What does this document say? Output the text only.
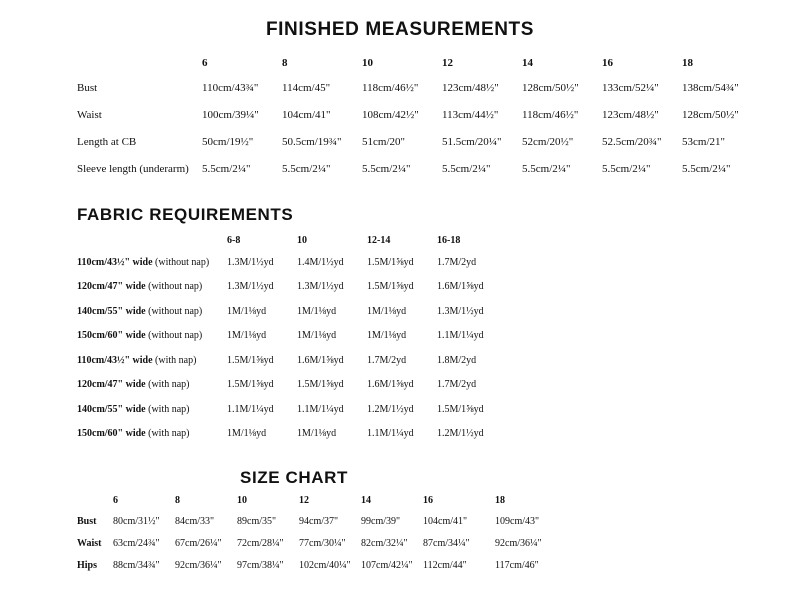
FINISHED MEASUREMENTS
	6	8	10	12	14	16	18
Bust	110cm/43¾"	114cm/45"	118cm/46½"	123cm/48½"	128cm/50½"	133cm/52¼"	138cm/54¾"
Waist	100cm/39¼"	104cm/41"	108cm/42½"	113cm/44½"	118cm/46½"	123cm/48½"	128cm/50½"
Length at CB	50cm/19½"	50.5cm/19¾"	51cm/20"	51.5cm/20¼"	52cm/20½"	52.5cm/20¾"	53cm/21"
Sleeve length (underarm)	5.5cm/2¼"	5.5cm/2¼"	5.5cm/2¼"	5.5cm/2¼"	5.5cm/2¼"	5.5cm/2¼"	5.5cm/2¼"
FABRIC REQUIREMENTS
	6-8	10	12-14	16-18
110cm/43½" wide (without nap)	1.3M/1½yd	1.4M/1½yd	1.5M/1⅝yd	1.7M/2yd
120cm/47" wide (without nap)	1.3M/1½yd	1.3M/1½yd	1.5M/1⅝yd	1.6M/1⅝yd
140cm/55" wide (without nap)	1M/1⅛yd	1M/1⅛yd	1M/1⅛yd	1.3M/1½yd
150cm/60" wide (without nap)	1M/1⅛yd	1M/1⅛yd	1M/1⅛yd	1.1M/1¼yd
110cm/43½" wide (with nap)	1.5M/1⅝yd	1.6M/1⅝yd	1.7M/2yd	1.8M/2yd
120cm/47" wide (with nap)	1.5M/1⅝yd	1.5M/1⅝yd	1.6M/1⅝yd	1.7M/2yd
140cm/55" wide (with nap)	1.1M/1¼yd	1.1M/1¼yd	1.2M/1½yd	1.5M/1⅝yd
150cm/60" wide (with nap)	1M/1⅛yd	1M/1⅛yd	1.1M/1¼yd	1.2M/1½yd
SIZE CHART
	6	8	10	12	14	16	18
Bust	80cm/31½"	84cm/33"	89cm/35"	94cm/37"	99cm/39"	104cm/41"	109cm/43"
Waist	63cm/24¾"	67cm/26¼"	72cm/28¼"	77cm/30¼"	82cm/32¼"	87cm/34¼"	92cm/36¼"
Hips	88cm/34¾"	92cm/36¼"	97cm/38¼"	102cm/40¼"	107cm/42¼"	112cm/44"	117cm/46"
